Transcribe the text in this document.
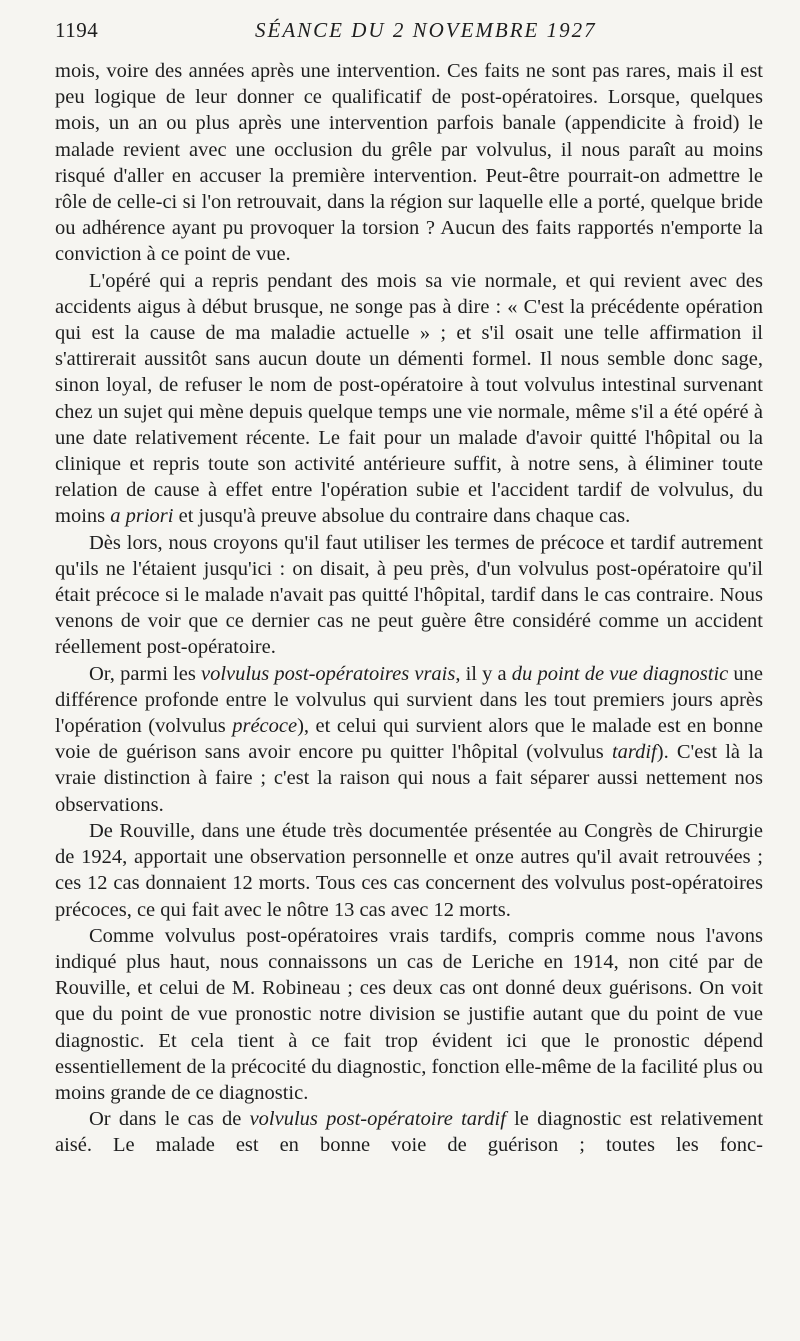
1194	SÉANCE DU 2 NOVEMBRE 1927

mois, voire des années après une intervention. Ces faits ne sont pas rares, mais il est peu logique de leur donner ce qualificatif de post-opératoires. Lorsque, quelques mois, un an ou plus après une intervention parfois banale (appendicite à froid) le malade revient avec une occlusion du grêle par volvulus, il nous paraît au moins risqué d'aller en accuser la première intervention. Peut-être pourrait-on admettre le rôle de celle-ci si l'on retrouvait, dans la région sur laquelle elle a porté, quelque bride ou adhérence ayant pu provoquer la torsion ? Aucun des faits rapportés n'emporte la conviction à ce point de vue.

L'opéré qui a repris pendant des mois sa vie normale, et qui revient avec des accidents aigus à début brusque, ne songe pas à dire : « C'est la précédente opération qui est la cause de ma maladie actuelle » ; et s'il osait une telle affirmation il s'attirerait aussitôt sans aucun doute un démenti formel. Il nous semble donc sage, sinon loyal, de refuser le nom de post-opératoire à tout volvulus intestinal survenant chez un sujet qui mène depuis quelque temps une vie normale, même s'il a été opéré à une date relativement récente. Le fait pour un malade d'avoir quitté l'hôpital ou la clinique et repris toute son activité antérieure suffit, à notre sens, à éliminer toute relation de cause à effet entre l'opération subie et l'accident tardif de volvulus, du moins a priori et jusqu'à preuve absolue du contraire dans chaque cas.

Dès lors, nous croyons qu'il faut utiliser les termes de précoce et tardif autrement qu'ils ne l'étaient jusqu'ici : on disait, à peu près, d'un volvulus post-opératoire qu'il était précoce si le malade n'avait pas quitté l'hôpital, tardif dans le cas contraire. Nous venons de voir que ce dernier cas ne peut guère être considéré comme un accident réellement post-opératoire.

Or, parmi les volvulus post-opératoires vrais, il y a du point de vue diagnostic une différence profonde entre le volvulus qui survient dans les tout premiers jours après l'opération (volvulus précoce), et celui qui survient alors que le malade est en bonne voie de guérison sans avoir encore pu quitter l'hôpital (volvulus tardif). C'est là la vraie distinction à faire ; c'est la raison qui nous a fait séparer aussi nettement nos observations.

De Rouville, dans une étude très documentée présentée au Congrès de Chirurgie de 1924, apportait une observation personnelle et onze autres qu'il avait retrouvées ; ces 12 cas donnaient 12 morts. Tous ces cas concernent des volvulus post-opératoires précoces, ce qui fait avec le nôtre 13 cas avec 12 morts.

Comme volvulus post-opératoires vrais tardifs, compris comme nous l'avons indiqué plus haut, nous connaissons un cas de Leriche en 1914, non cité par de Rouville, et celui de M. Robineau ; ces deux cas ont donné deux guérisons. On voit que du point de vue pronostic notre division se justifie autant que du point de vue diagnostic. Et cela tient à ce fait trop évident ici que le pronostic dépend essentiellement de la précocité du diagnostic, fonction elle-même de la facilité plus ou moins grande de ce diagnostic.

Or dans le cas de volvulus post-opératoire tardif le diagnostic est relativement aisé. Le malade est en bonne voie de guérison ; toutes les fonc-
